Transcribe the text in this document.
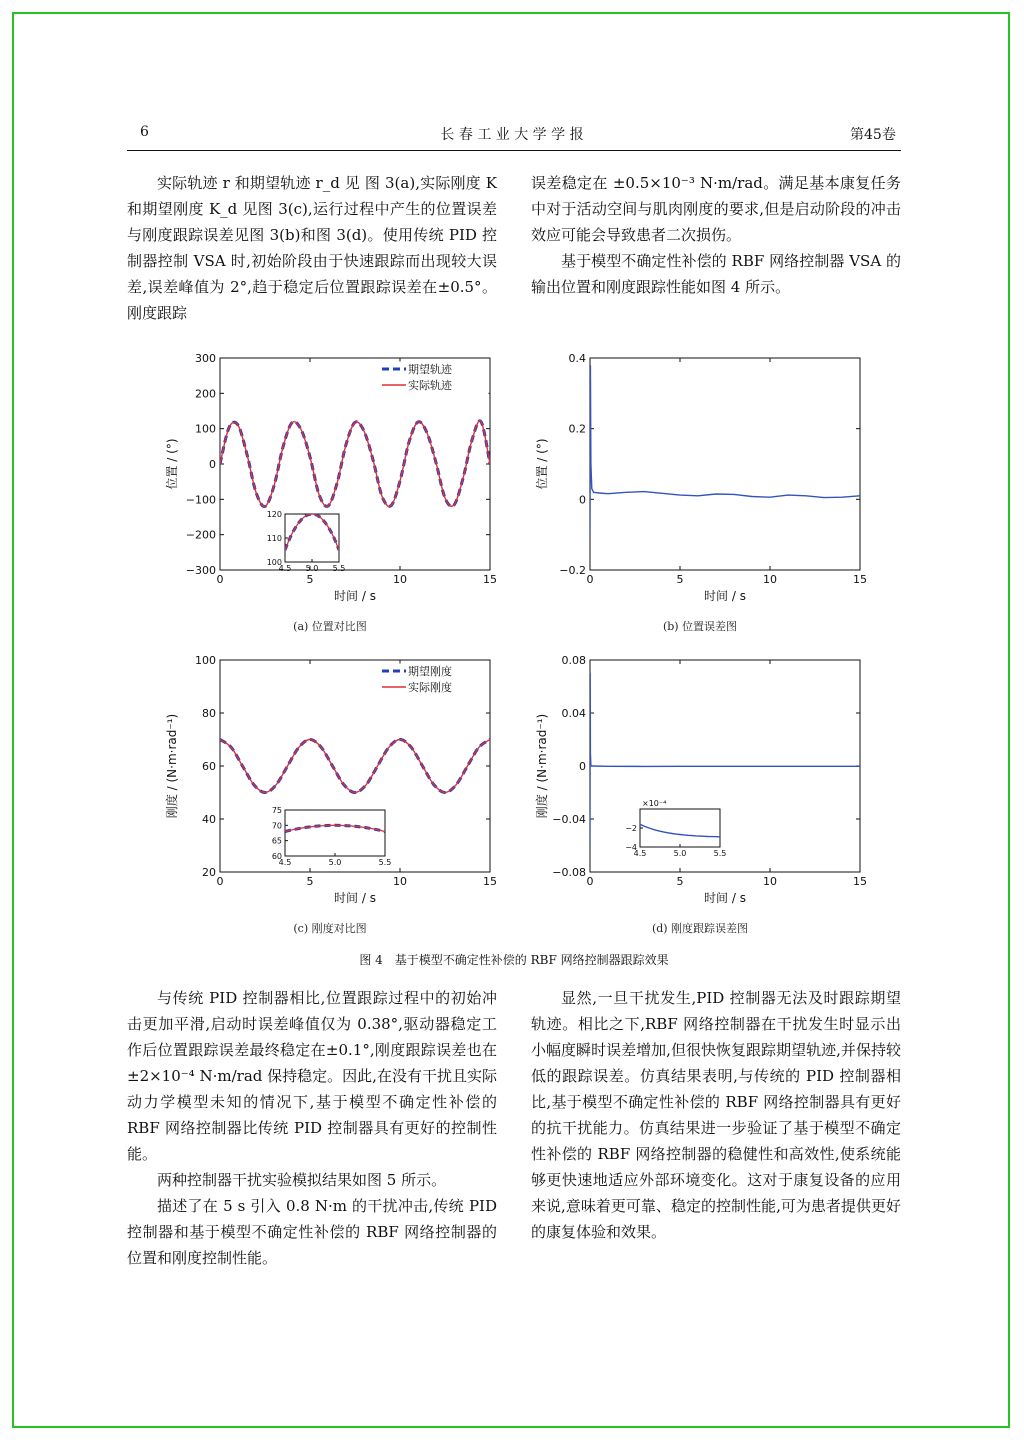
6	长 春 工 业 大 学 学 报	第45卷

实际轨迹 r 和期望轨迹 r_d 见 图 3(a),实际刚度 K 和期望刚度 K_d 见图 3(c),运行过程中产生的位置误差与刚度跟踪误差见图 3(b)和图 3(d)。使用传统 PID 控制器控制 VSA 时,初始阶段由于快速跟踪而出现较大误差,误差峰值为 2°,趋于稳定后位置跟踪误差在±0.5°。刚度跟踪

误差稳定在 ±0.5×10⁻³ N·m/rad。满足基本康复任务中对于活动空间与肌肉刚度的要求,但是启动阶段的冲击效应可能会导致患者二次损伤。

基于模型不确定性补偿的 RBF 网络控制器 VSA 的输出位置和刚度跟踪性能如图 4 所示。

0	5	10	15
−300
−200
−100
0
100
200
300
时间 / s
位置 / (°)
期望轨迹
实际轨迹
4.5 5.0 5.5
100
110
120
(a) 位置对比图
0	5	10	15
−0.2
0
0.2
0.4
时间 / s
位置 / (°)
(b) 位置误差图
0	5	10	15
20
40
60
80
100
时间 / s
刚度 / (N·m·rad⁻¹)
期望刚度
实际刚度
4.5	5.0	5.5
60
65
70
75
(c) 刚度对比图
0	5	10	15
−0.08
−0.04
0
0.04
0.08
时间 / s
刚度 / (N·m·rad⁻¹)
4.5	5.0	5.5
−4
−2
×10⁻⁴
(d) 刚度跟踪误差图
图 4　基于模型不确定性补偿的 RBF 网络控制器跟踪效果

与传统 PID 控制器相比,位置跟踪过程中的初始冲击更加平滑,启动时误差峰值仅为 0.38°,驱动器稳定工作后位置跟踪误差最终稳定在±0.1°,刚度跟踪误差也在±2×10⁻⁴ N·m/rad 保持稳定。因此,在没有干扰且实际动力学模型未知的情况下,基于模型不确定性补偿的 RBF 网络控制器比传统 PID 控制器具有更好的控制性能。

两种控制器干扰实验模拟结果如图 5 所示。

描述了在 5 s 引入 0.8 N·m 的干扰冲击,传统 PID 控制器和基于模型不确定性补偿的 RBF 网络控制器的位置和刚度控制性能。

显然,一旦干扰发生,PID 控制器无法及时跟踪期望轨迹。相比之下,RBF 网络控制器在干扰发生时显示出小幅度瞬时误差增加,但很快恢复跟踪期望轨迹,并保持较低的跟踪误差。仿真结果表明,与传统的 PID 控制器相比,基于模型不确定性补偿的 RBF 网络控制器具有更好的抗干扰能力。仿真结果进一步验证了基于模型不确定性补偿的 RBF 网络控制器的稳健性和高效性,使系统能够更快速地适应外部环境变化。这对于康复设备的应用来说,意味着更可靠、稳定的控制性能,可为患者提供更好的康复体验和效果。
